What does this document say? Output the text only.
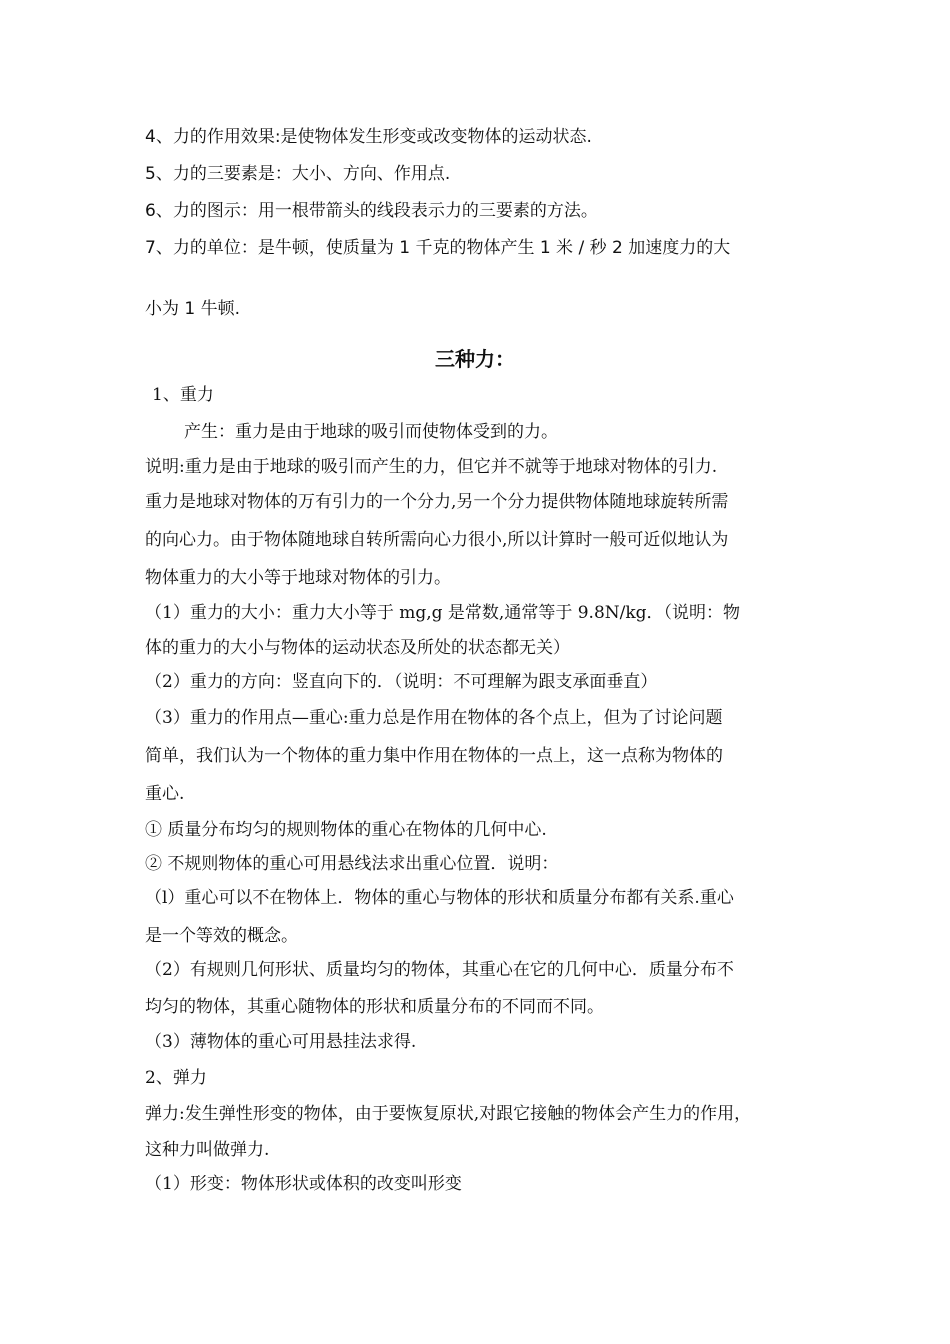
4、力的作用效果:是使物体发生形变或改变物体的运动状态.
5、力的三要素是：大小、方向、作用点.
6、力的图示：用一根带箭头的线段表示力的三要素的方法。
7、力的单位：是牛顿，使质量为 1 千克的物体产生 1 米 / 秒 2 加速度力的大
小为 1 牛顿.
三种力：
1、重力
产生：重力是由于地球的吸引而使物体受到的力。
说明:重力是由于地球的吸引而产生的力，但它并不就等于地球对物体的引力.
重力是地球对物体的万有引力的一个分力,另一个分力提供物体随地球旋转所需
的向心力。由于物体随地球自转所需向心力很小,所以计算时一般可近似地认为
物体重力的大小等于地球对物体的引力。
（1）重力的大小：重力大小等于 mg,g 是常数,通常等于 9.8N/kg．（说明：物
体的重力的大小与物体的运动状态及所处的状态都无关）
（2）重力的方向：竖直向下的．（说明：不可理解为跟支承面垂直）
（3）重力的作用点—重心:重力总是作用在物体的各个点上，但为了讨论问题
简单，我们认为一个物体的重力集中作用在物体的一点上，这一点称为物体的
重心.
① 质量分布均匀的规则物体的重心在物体的几何中心.
② 不规则物体的重心可用悬线法求出重心位置．说明：
（l）重心可以不在物体上．物体的重心与物体的形状和质量分布都有关系.重心
是一个等效的概念。
（2）有规则几何形状、质量均匀的物体，其重心在它的几何中心．质量分布不
均匀的物体，其重心随物体的形状和质量分布的不同而不同。
（3）薄物体的重心可用悬挂法求得.
2、弹力
弹力:发生弹性形变的物体，由于要恢复原状,对跟它接触的物体会产生力的作用，
这种力叫做弹力.
（1）形变：物体形状或体积的改变叫形变
